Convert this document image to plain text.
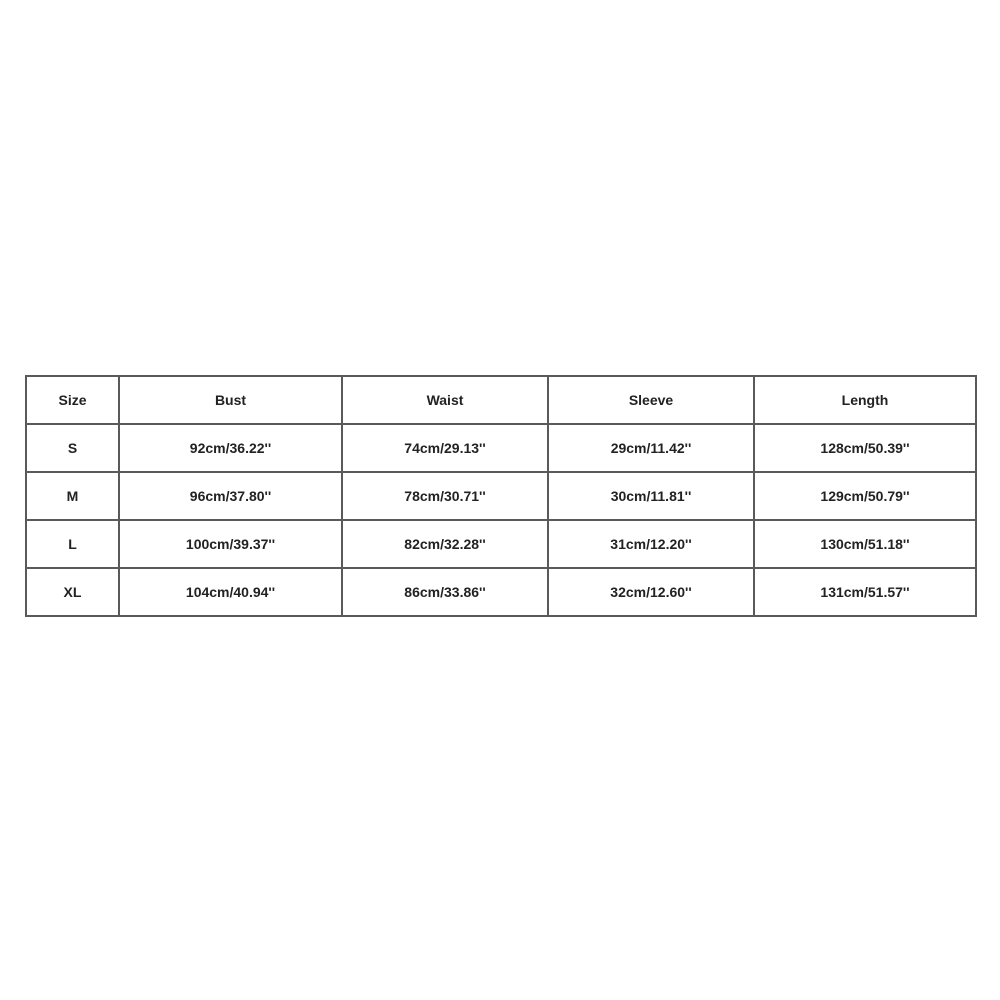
Size	Bust	Waist	Sleeve	Length
S	92cm/36.22''	74cm/29.13''	29cm/11.42''	128cm/50.39''
M	96cm/37.80''	78cm/30.71''	30cm/11.81''	129cm/50.79''
L	100cm/39.37''	82cm/32.28''	31cm/12.20''	130cm/51.18''
XL	104cm/40.94''	86cm/33.86''	32cm/12.60''	131cm/51.57''
